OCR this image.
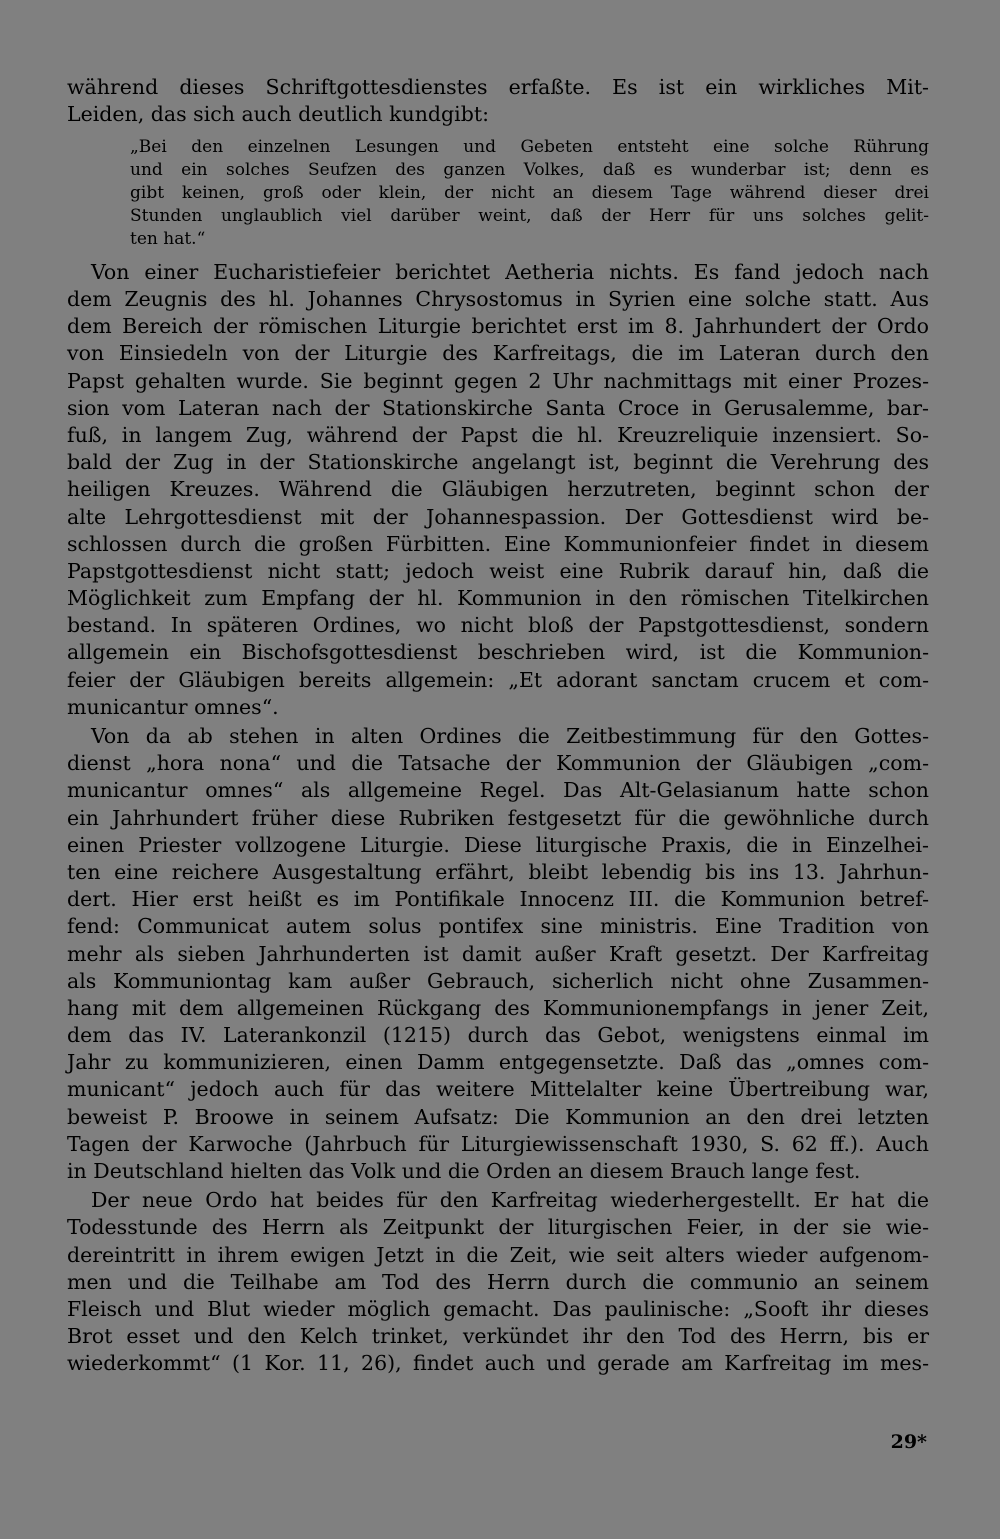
während dieses Schriftgottesdienstes erfaßte. Es ist ein wirkliches Mit-
Leiden, das sich auch deutlich kundgibt:
„Bei den einzelnen Lesungen und Gebeten entsteht eine solche Rührung
und ein solches Seufzen des ganzen Volkes, daß es wunderbar ist; denn es
gibt keinen, groß oder klein, der nicht an diesem Tage während dieser drei
Stunden unglaublich viel darüber weint, daß der Herr für uns solches gelit-
ten hat.“
Von einer Eucharistiefeier berichtet Aetheria nichts. Es fand jedoch nach
dem Zeugnis des hl. Johannes Chrysostomus in Syrien eine solche statt. Aus
dem Bereich der römischen Liturgie berichtet erst im 8. Jahrhundert der Ordo
von Einsiedeln von der Liturgie des Karfreitags, die im Lateran durch den
Papst gehalten wurde. Sie beginnt gegen 2 Uhr nachmittags mit einer Prozes-
sion vom Lateran nach der Stationskirche Santa Croce in Gerusalemme, bar-
fuß, in langem Zug, während der Papst die hl. Kreuzreliquie inzensiert. So-
bald der Zug in der Stationskirche angelangt ist, beginnt die Verehrung des
heiligen Kreuzes. Während die Gläubigen herzutreten, beginnt schon der
alte Lehrgottesdienst mit der Johannespassion. Der Gottesdienst wird be-
schlossen durch die großen Fürbitten. Eine Kommunionfeier findet in diesem
Papstgottesdienst nicht statt; jedoch weist eine Rubrik darauf hin, daß die
Möglichkeit zum Empfang der hl. Kommunion in den römischen Titelkirchen
bestand. In späteren Ordines, wo nicht bloß der Papstgottesdienst, sondern
allgemein ein Bischofsgottesdienst beschrieben wird, ist die Kommunion-
feier der Gläubigen bereits allgemein: „Et adorant sanctam crucem et com-
municantur omnes“.
Von da ab stehen in alten Ordines die Zeitbestimmung für den Gottes-
dienst „hora nona“ und die Tatsache der Kommunion der Gläubigen „com-
municantur omnes“ als allgemeine Regel. Das Alt-Gelasianum hatte schon
ein Jahrhundert früher diese Rubriken festgesetzt für die gewöhnliche durch
einen Priester vollzogene Liturgie. Diese liturgische Praxis, die in Einzelhei-
ten eine reichere Ausgestaltung erfährt, bleibt lebendig bis ins 13. Jahrhun-
dert. Hier erst heißt es im Pontifikale Innocenz III. die Kommunion betref-
fend: Communicat autem solus pontifex sine ministris. Eine Tradition von
mehr als sieben Jahrhunderten ist damit außer Kraft gesetzt. Der Karfreitag
als Kommuniontag kam außer Gebrauch, sicherlich nicht ohne Zusammen-
hang mit dem allgemeinen Rückgang des Kommunionempfangs in jener Zeit,
dem das IV. Laterankonzil (1215) durch das Gebot, wenigstens einmal im
Jahr zu kommunizieren, einen Damm entgegensetzte. Daß das „omnes com-
municant“ jedoch auch für das weitere Mittelalter keine Übertreibung war,
beweist P. Broowe in seinem Aufsatz: Die Kommunion an den drei letzten
Tagen der Karwoche (Jahrbuch für Liturgiewissenschaft 1930, S. 62 ff.). Auch
in Deutschland hielten das Volk und die Orden an diesem Brauch lange fest.
Der neue Ordo hat beides für den Karfreitag wiederhergestellt. Er hat die
Todesstunde des Herrn als Zeitpunkt der liturgischen Feier, in der sie wie-
dereintritt in ihrem ewigen Jetzt in die Zeit, wie seit alters wieder aufgenom-
men und die Teilhabe am Tod des Herrn durch die communio an seinem
Fleisch und Blut wieder möglich gemacht. Das paulinische: „Sooft ihr dieses
Brot esset und den Kelch trinket, verkündet ihr den Tod des Herrn, bis er
wiederkommt“ (1 Kor. 11, 26), findet auch und gerade am Karfreitag im mes-
29*
